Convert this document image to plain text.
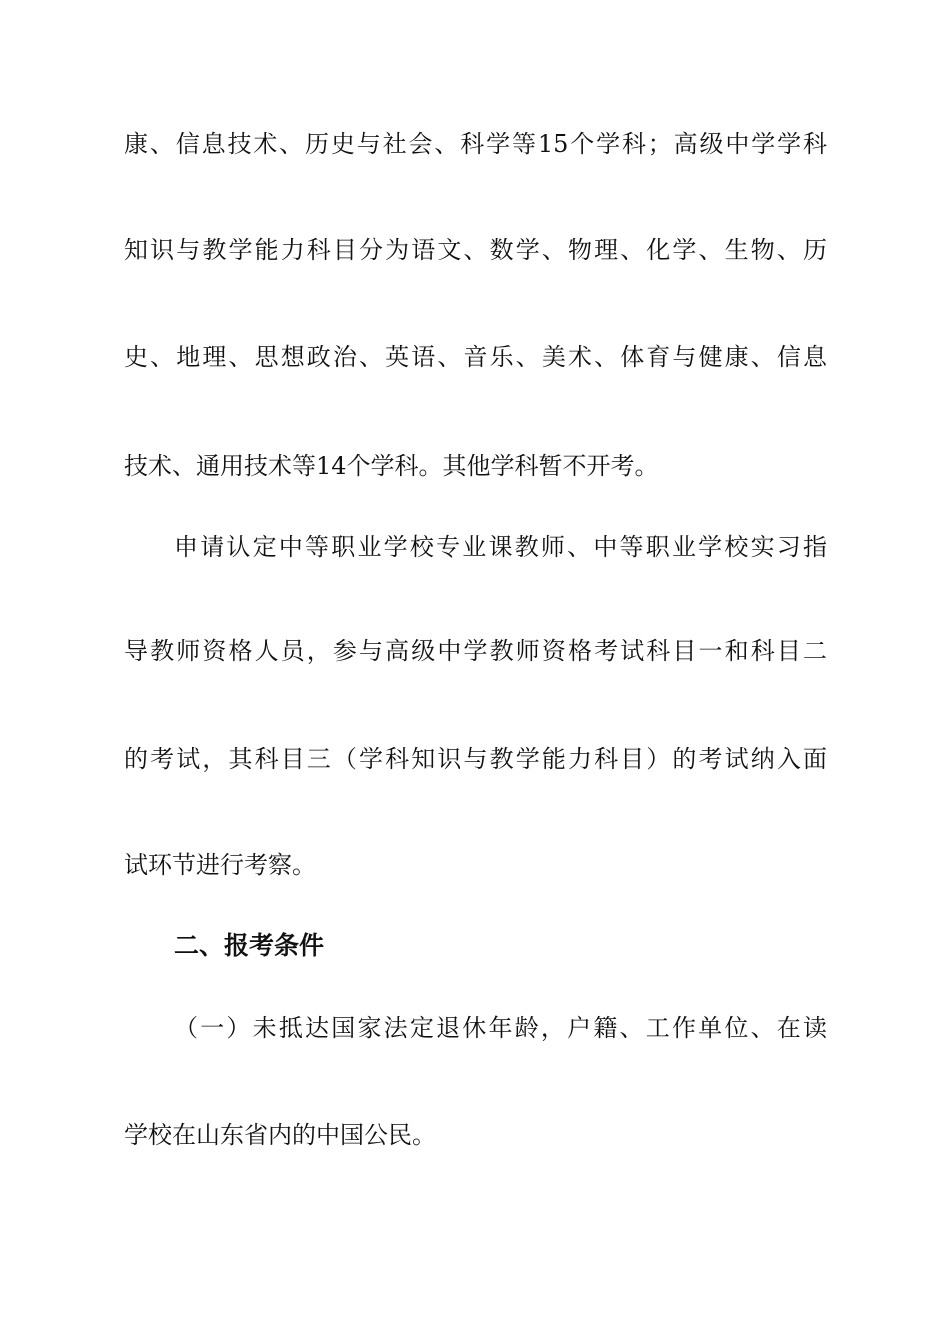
康、信息技术、历史与社会、科学等15个学科；高级中学学科
知识与教学能力科目分为语文、数学、物理、化学、生物、历
史、地理、思想政治、英语、音乐、美术、体育与健康、信息
技术、通用技术等14个学科。其他学科暂不开考。
申请认定中等职业学校专业课教师、中等职业学校实习指
导教师资格人员，参与高级中学教师资格考试科目一和科目二
的考试，其科目三（学科知识与教学能力科目）的考试纳入面
试环节进行考察。
二、报考条件
（一）未抵达国家法定退休年龄，户籍、工作单位、在读
学校在山东省内的中国公民。
